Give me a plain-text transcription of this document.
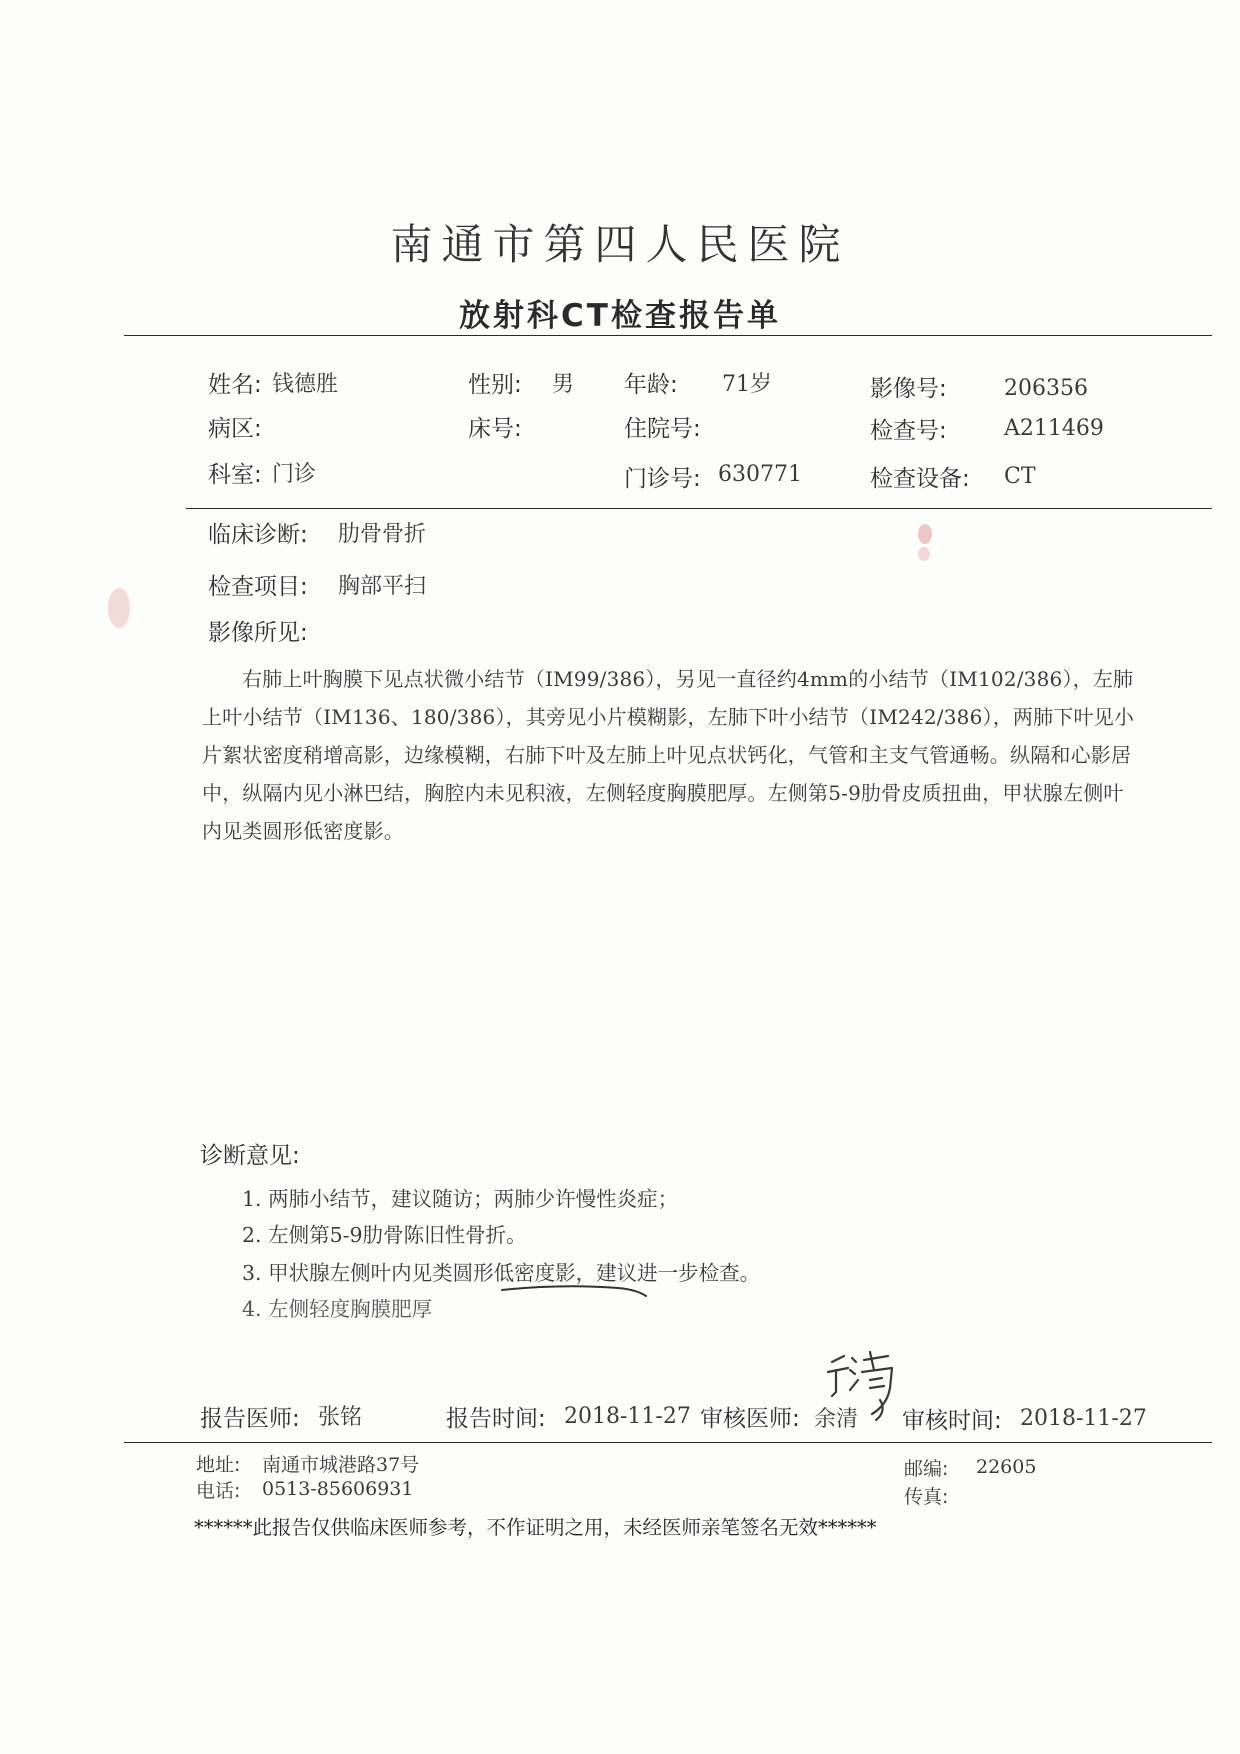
南通市第四人民医院
放射科CT检查报告单
姓名: 钱德胜	性别: 男 年龄: 71岁	影像号:	206356
病区:	床号:	住院号:	检查号:	A211469
科室: 门诊	门诊号: 630771	检查设备: CT
临床诊断: 肋骨骨折
检查项目: 胸部平扫
影像所见:
右肺上叶胸膜下见点状微小结节（IM99/386），另见一直径约4mm的小结节（IM102/386），左肺上叶小结节（IM136、180/386），其旁见小片模糊影，左肺下叶小结节（IM242/386），两肺下叶见小片絮状密度稍增高影，边缘模糊，右肺下叶及左肺上叶见点状钙化，气管和主支气管通畅。纵隔和心影居中，纵隔内见小淋巴结，胸腔内未见积液，左侧轻度胸膜肥厚。左侧第5-9肋骨皮质扭曲，甲状腺左侧叶内见类圆形低密度影。
诊断意见:
1. 两肺小结节，建议随访；两肺少许慢性炎症；
2. 左侧第5-9肋骨陈旧性骨折。
3. 甲状腺左侧叶内见类圆形低密度影，建议进一步检查。
4. 左侧轻度胸膜肥厚
报告医师: 张铭	报告时间: 2018-11-27 审核医师: 余清 审核时间: 2018-11-27
地址: 南通市城港路37号
电话: 0513-85606931
邮编: 22605
传真:
******此报告仅供临床医师参考，不作证明之用，未经医师亲笔签名无效******
